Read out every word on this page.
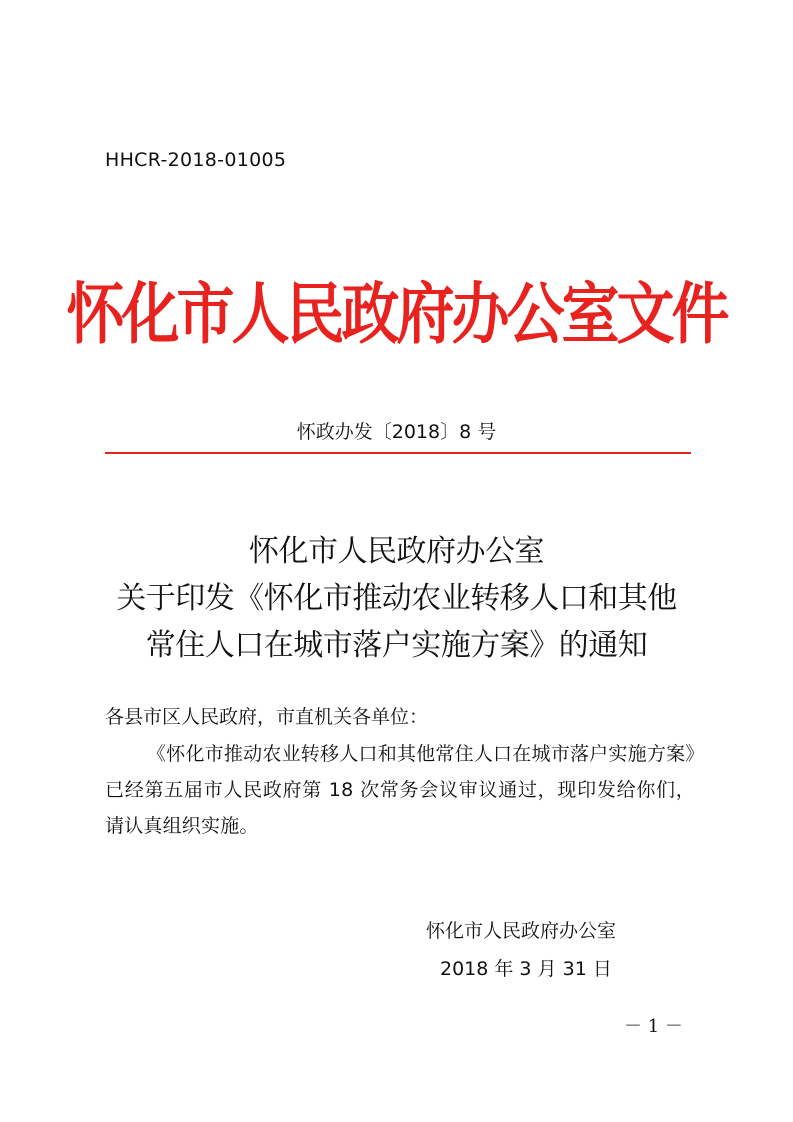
HHCR-2018-01005
怀化市人民政府办公室文件
怀政办发〔2018〕8 号
怀化市人民政府办公室
关于印发《怀化市推动农业转移人口和其他
常住人口在城市落户实施方案》的通知
各县市区人民政府，市直机关各单位：
《怀化市推动农业转移人口和其他常住人口在城市落户实施方案》已经第五届市人民政府第 18 次常务会议审议通过，现印发给你们，请认真组织实施。
怀化市人民政府办公室
2018 年 3 月 31 日
－ 1 －
